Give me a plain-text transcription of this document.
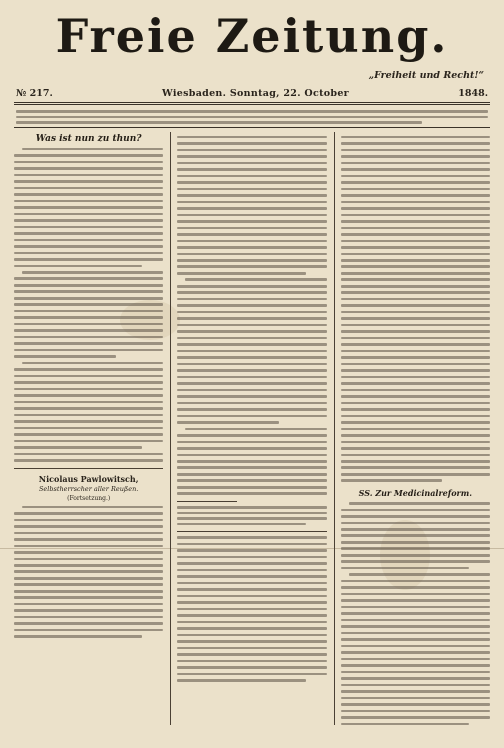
Freie Zeitung.
„Freiheit und Recht!“
№ 217.	Wiesbaden. Sonntag, 22. October	1848.
Was ist nun zu thun?
Nicolaus Pawlowitsch,
Selbstherrscher aller Reußen.
(Fortsetzung.)
SS. Zur Medicinalreform.
